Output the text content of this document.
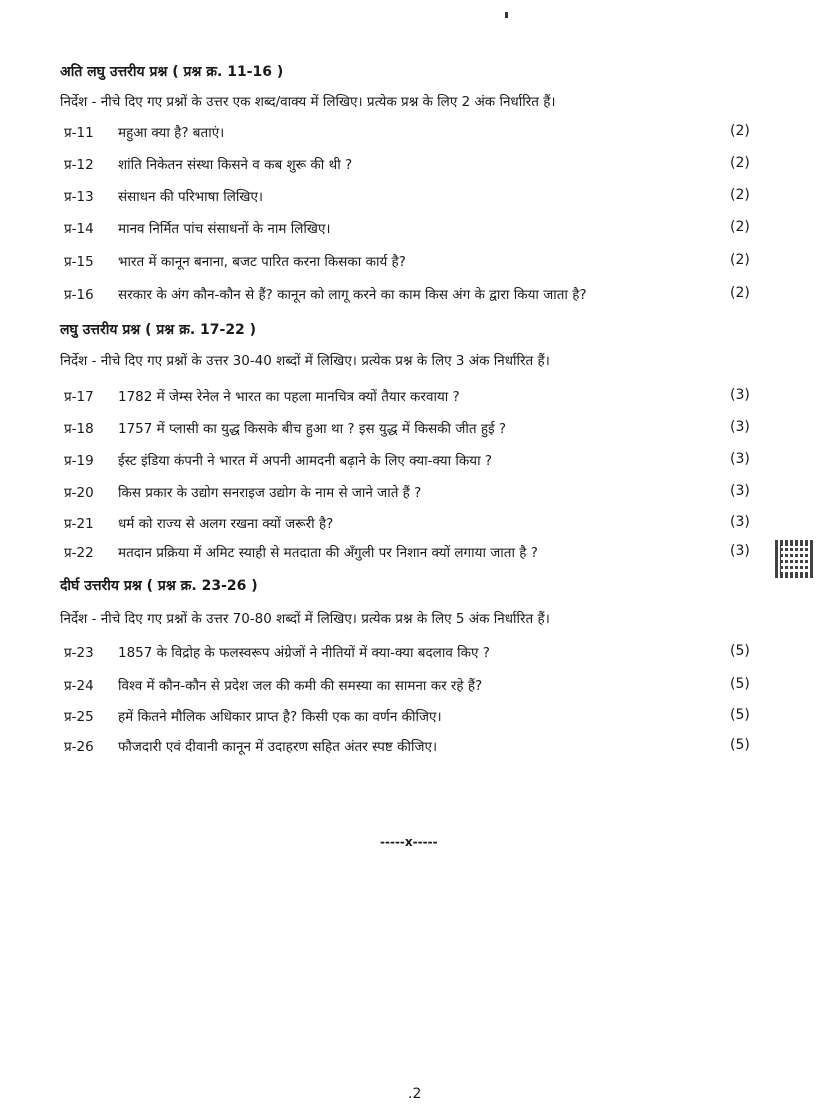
अति लघु उत्तरीय प्रश्न ( प्रश्न क्र. 11-16 )
निर्देश - नीचे दिए गए प्रश्नों के उत्तर एक शब्द/वाक्य में लिखिए। प्रत्येक प्रश्न के लिए 2 अंक निर्धारित हैं।
प्र-11 महुआ क्या है? बताएं।	(2)
प्र-12 शांति निकेतन संस्था किसने व कब शुरू की थी ?	(2)
प्र-13 संसाधन की परिभाषा लिखिए।	(2)
प्र-14 मानव निर्मित पांच संसाधनों के नाम लिखिए।	(2)
प्र-15 भारत में कानून बनाना, बजट पारित करना किसका कार्य है?	(2)
प्र-16 सरकार के अंग कौन-कौन से हैं? कानून को लागू करने का काम किस अंग के द्वारा किया जाता है?	(2)
लघु उत्तरीय प्रश्न ( प्रश्न क्र. 17-22 )
निर्देश - नीचे दिए गए प्रश्नों के उत्तर 30-40 शब्दों में लिखिए। प्रत्येक प्रश्न के लिए 3 अंक निर्धारित हैं।
प्र-17 1782 में जेम्स रेनेल ने भारत का पहला मानचित्र क्यों तैयार करवाया ?	(3)
प्र-18 1757 में प्लासी का युद्ध किसके बीच हुआ था ? इस युद्ध में किसकी जीत हुई ?	(3)
प्र-19 ईस्ट इंडिया कंपनी ने भारत में अपनी आमदनी बढ़ाने के लिए क्या-क्या किया ?	(3)
प्र-20 किस प्रकार के उद्योग सनराइज उद्योग के नाम से जाने जाते हैं ?	(3)
प्र-21 धर्म को राज्य से अलग रखना क्यों जरूरी है?	(3)
प्र-22 मतदान प्रक्रिया में अमिट स्याही से मतदाता की अँगुली पर निशान क्यों लगाया जाता है ?	(3)
दीर्घ उत्तरीय प्रश्न ( प्रश्न क्र. 23-26 )
निर्देश - नीचे दिए गए प्रश्नों के उत्तर 70-80 शब्दों में लिखिए। प्रत्येक प्रश्न के लिए 5 अंक निर्धारित हैं।
प्र-23 1857 के विद्रोह के फलस्वरूप अंग्रेजों ने नीतियों में क्या-क्या बदलाव किए ?	(5)
प्र-24 विश्व में कौन-कौन से प्रदेश जल की कमी की समस्या का सामना कर रहे हैं?	(5)
प्र-25 हमें कितने मौलिक अधिकार प्राप्त है? किसी एक का वर्णन कीजिए।	(5)
प्र-26 फौजदारी एवं दीवानी कानून में उदाहरण सहित अंतर स्पष्ट कीजिए।	(5)
-----x-----
.2
